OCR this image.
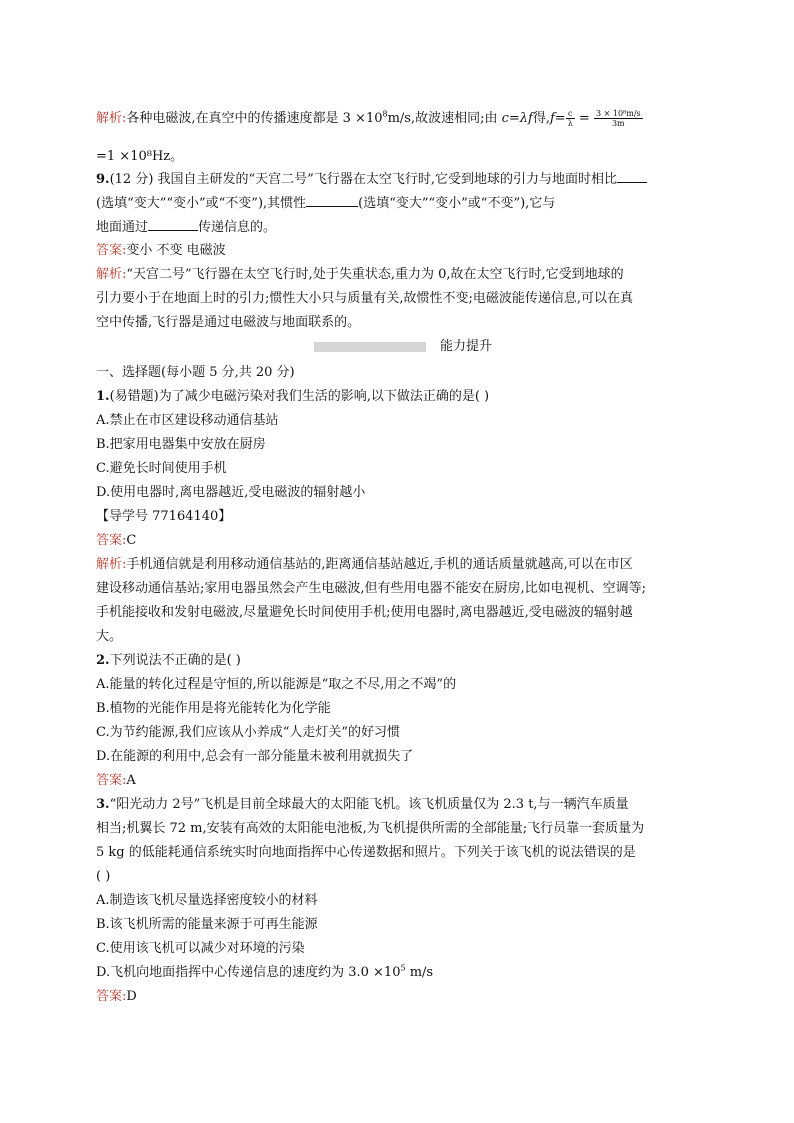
解析:各种电磁波,在真空中的传播速度都是 $3 \times 10^8m/s$,故波速相同;由 c=λf得$,f= \frac{c}{\lambda} = \frac{\text{3 × 10⁸m/s}}{3m}$
=1 ×10⁸Hz。
9.(12 分) 我国自主研发的“天宫二号”飞行器在太空飞行时,它受到地球的引力与地面时相比
(选填“变大”“变小”或“不变”),其惯性	(选填“变大”“变小”或“不变”),它与
地面通过	传递信息的。
答案:变小 不变 电磁波
解析:“天宫二号”飞行器在太空飞行时,处于失重状态,重力为 0,故在太空飞行时,它受到地球的
引力要小于在地面上时的引力;惯性大小只与质量有关,故惯性不变;电磁波能传递信息,可以在真
空中传播,飞行器是通过电磁波与地面联系的。
能力提升
一、选择题(每小题 5 分,共 20 分)
1.(易错题)为了减少电磁污染对我们生活的影响,以下做法正确的是( )
A.禁止在市区建设移动通信基站
B.把家用电器集中安放在厨房
C.避免长时间使用手机
D.使用电器时,离电器越近,受电磁波的辐射越小
【导学号 77164140】
答案:C
解析:手机通信就是利用移动通信基站的,距离通信基站越近,手机的通话质量就越高,可以在市区
建设移动通信基站;家用电器虽然会产生电磁波,但有些用电器不能安在厨房,比如电视机、空调等;
手机能接收和发射电磁波,尽量避免长时间使用手机;使用电器时,离电器越近,受电磁波的辐射越
大。
2.下列说法不正确的是( )
A.能量的转化过程是守恒的,所以能源是“取之不尽,用之不竭”的
B.植物的光能作用是将光能转化为化学能
C.为节约能源,我们应该从小养成“人走灯关”的好习惯
D.在能源的利用中,总会有一部分能量未被利用就损失了
答案:A
3.“阳光动力 2号”飞机是目前全球最大的太阳能飞机。该飞机质量仅为 2.3 t,与一辆汽车质量
相当;机翼长 72 m,安装有高效的太阳能电池板,为飞机提供所需的全部能量;飞行员靠一套质量为
5 kg 的低能耗通信系统实时向地面指挥中心传递数据和照片。下列关于该飞机的说法错误的是
( )
A.制造该飞机尽量选择密度较小的材料
B.该飞机所需的能量来源于可再生能源
C.使用该飞机可以减少对环境的污染
D.飞机向地面指挥中心传递信息的速度约为 $3.0 \times 10^5$ m/s
答案:D
